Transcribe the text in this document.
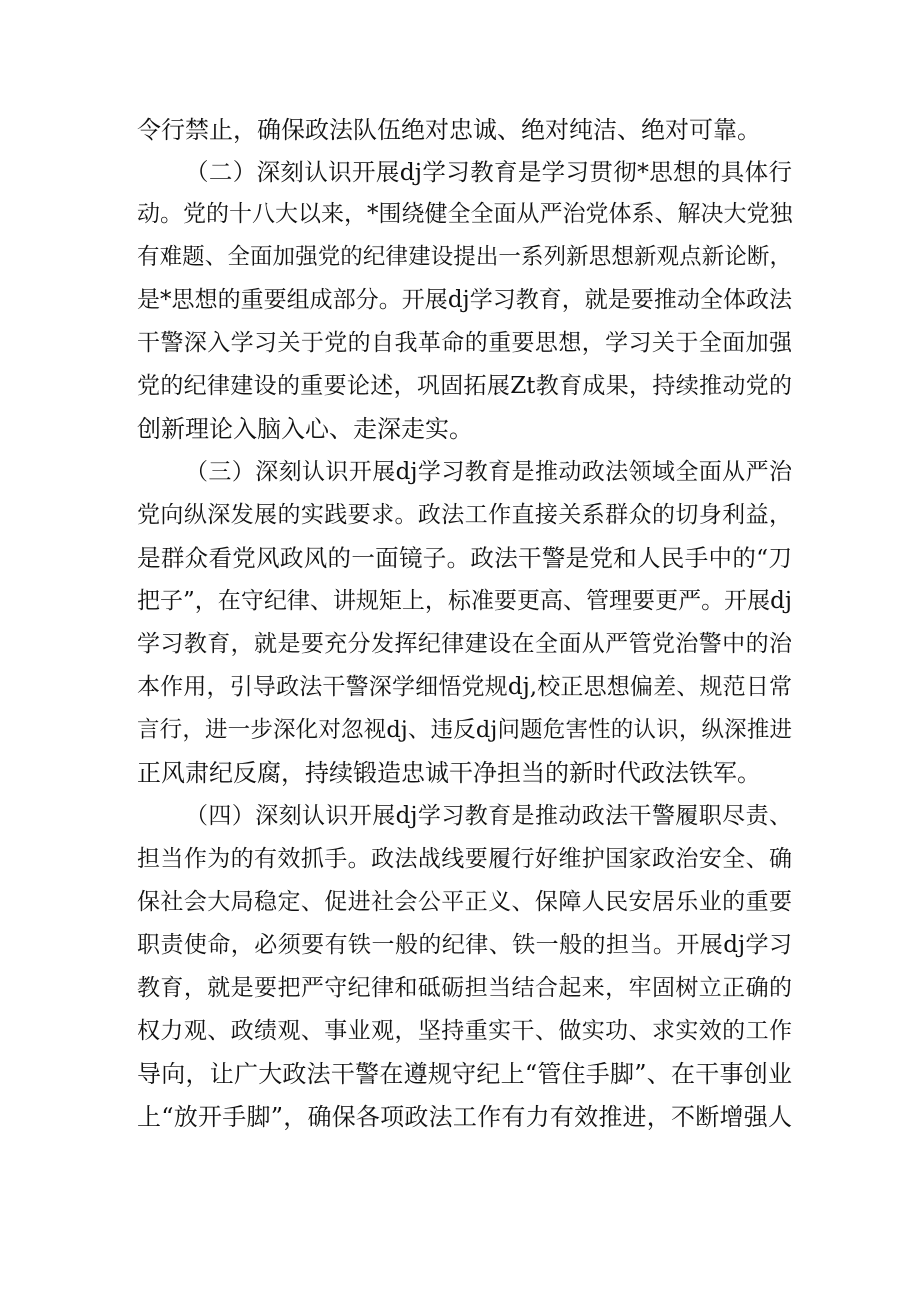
令行禁止，确保政法队伍绝对忠诚、绝对纯洁、绝对可靠。
（二）深刻认识开展dj学习教育是学习贯彻*思想的具体行
动。党的十八大以来，*围绕健全全面从严治党体系、解决大党独
有难题、全面加强党的纪律建设提出一系列新思想新观点新论断，
是*思想的重要组成部分。开展dj学习教育，就是要推动全体政法
干警深入学习关于党的自我革命的重要思想，学习关于全面加强
党的纪律建设的重要论述，巩固拓展Zt教育成果，持续推动党的
创新理论入脑入心、走深走实。
（三）深刻认识开展dj学习教育是推动政法领域全面从严治
党向纵深发展的实践要求。政法工作直接关系群众的切身利益，
是群众看党风政风的一面镜子。政法干警是党和人民手中的“刀
把子”，在守纪律、讲规矩上，标准要更高、管理要更严。开展dj
学习教育，就是要充分发挥纪律建设在全面从严管党治警中的治
本作用，引导政法干警深学细悟党规dj,校正思想偏差、规范日常
言行，进一步深化对忽视dj、违反dj问题危害性的认识，纵深推进
正风肃纪反腐，持续锻造忠诚干净担当的新时代政法铁军。
（四）深刻认识开展dj学习教育是推动政法干警履职尽责、
担当作为的有效抓手。政法战线要履行好维护国家政治安全、确
保社会大局稳定、促进社会公平正义、保障人民安居乐业的重要
职责使命，必须要有铁一般的纪律、铁一般的担当。开展dj学习
教育，就是要把严守纪律和砥砺担当结合起来，牢固树立正确的
权力观、政绩观、事业观，坚持重实干、做实功、求实效的工作
导向，让广大政法干警在遵规守纪上“管住手脚”、在干事创业
上“放开手脚”，确保各项政法工作有力有效推进，不断增强人
